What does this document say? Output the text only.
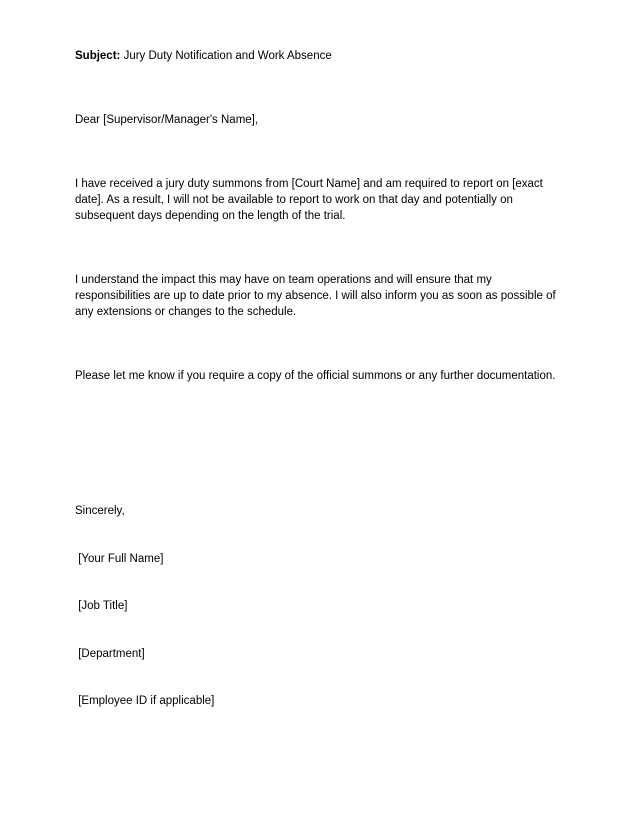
Subject: Jury Duty Notification and Work Absence

Dear [Supervisor/Manager's Name],

I have received a jury duty summons from [Court Name] and am required to report on [exact date]. As a result, I will not be available to report to work on that day and potentially on subsequent days depending on the length of the trial.

I understand the impact this may have on team operations and will ensure that my responsibilities are up to date prior to my absence. I will also inform you as soon as possible of any extensions or changes to the schedule.

Please let me know if you require a copy of the official summons or any further documentation.

Sincerely,

[Your Full Name]

[Job Title]

[Department]

[Employee ID if applicable]
